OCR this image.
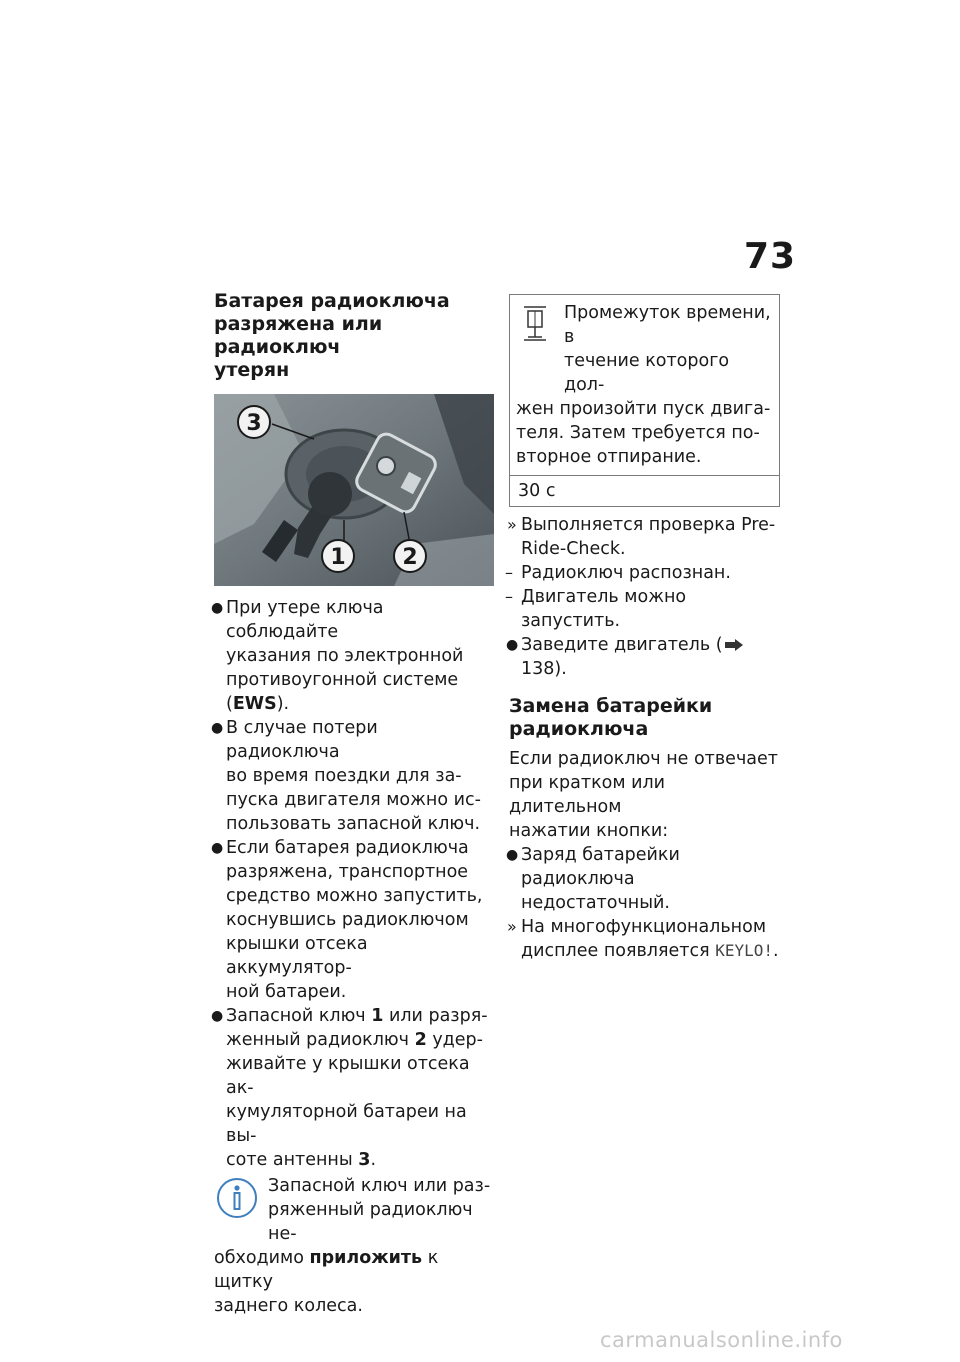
73
Батарея радиоключа
разряжена или радиоключ
утерян
3
1	2
● При утере ключа соблюдайте
указания по электронной
противоугонной системе
(EWS).
● В случае потери радиоключа
во время поездки для за-
пуска двигателя можно ис-
пользовать запасной ключ.
● Если батарея радиоключа
разряжена, транспортное
средство можно запустить,
коснувшись радиоключом
крышки отсека аккумулятор-
ной батареи.
● Запасной ключ 1 или разря-
женный радиоключ 2 удер-
живайте у крышки отсека ак-
кумуляторной батареи на вы-
соте антенны 3.
Запасной ключ или раз-
ряженный радиоключ не-
обходимо приложить к щитку
заднего колеса.
Промежуток времени, в
течение которого дол-
жен произойти пуск двига-
теля. Затем требуется по-
вторное отпирание.
30 с
» Выполняется проверка Pre-
Ride-Check.
– Радиоключ распознан.
– Двигатель можно запустить.
● Заведите двигатель (138).
Замена батарейки
радиоключа
Если радиоключ не отвечает
при кратком или длительном
нажатии кнопки:
● Заряд батарейки радиоключа
недостаточный.
» На многофункциональном
дисплее появляется KEYLO!.
carmanualsonline.info
